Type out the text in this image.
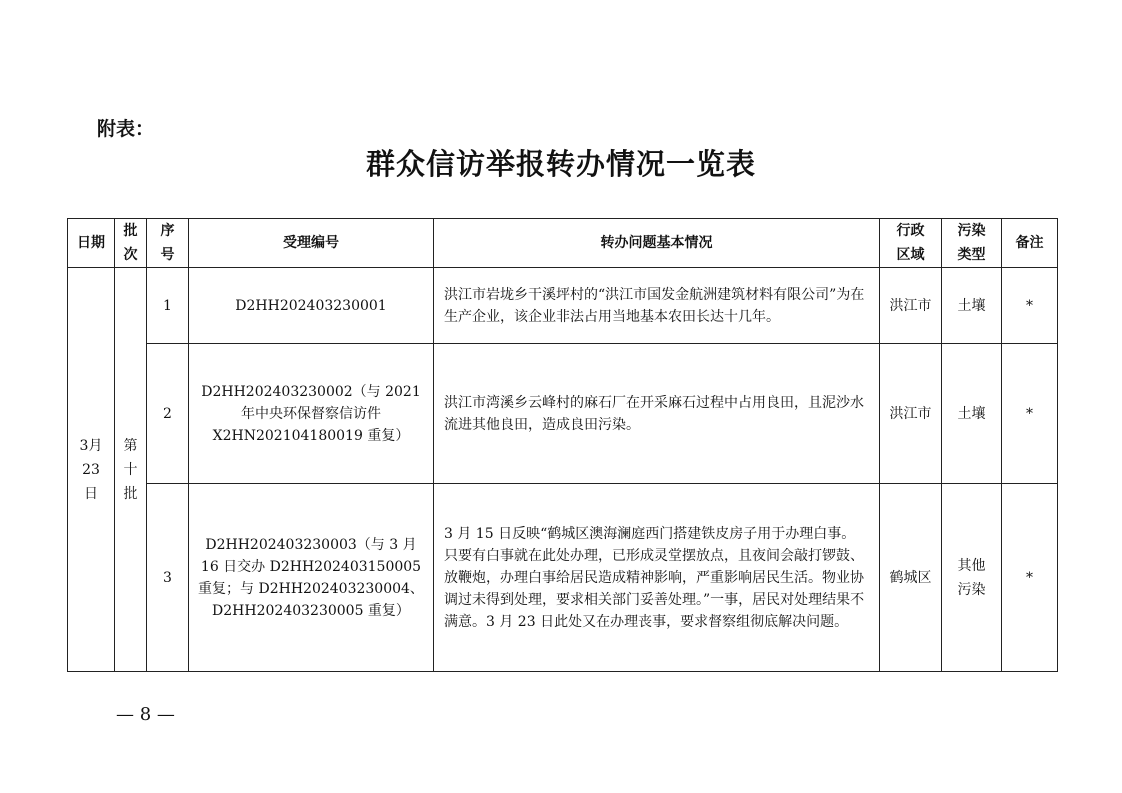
附表：
群众信访举报转办情况一览表
日期	批次	序号	受理编号	转办问题基本情况	行政区域	污染类型	备注
3月23日	第十批	1	D2HH202403230001	洪江市岩垅乡干溪坪村的“洪江市国发金航洲建筑材料有限公司”为在生产企业，该企业非法占用当地基本农田长达十几年。	洪江市	土壤	*
		2	D2HH202403230002（与 2021 年中央环保督察信访件 X2HN202104180019 重复）	洪江市湾溪乡云峰村的麻石厂在开采麻石过程中占用良田，且泥沙水流进其他良田，造成良田污染。	洪江市	土壤	*
		3	D2HH202403230003（与 3 月 16 日交办 D2HH202403150005 重复；与 D2HH202403230004、D2HH202403230005 重复）	3 月 15 日反映“鹤城区澳海澜庭西门搭建铁皮房子用于办理白事。只要有白事就在此处办理，已形成灵堂摆放点，且夜间会敲打锣鼓、放鞭炮，办理白事给居民造成精神影响，严重影响居民生活。物业协调过未得到处理，要求相关部门妥善处理。”一事，居民对处理结果不满意。3 月 23 日此处又在办理丧事，要求督察组彻底解决问题。	鹤城区	其他污染	*
— 8 —
